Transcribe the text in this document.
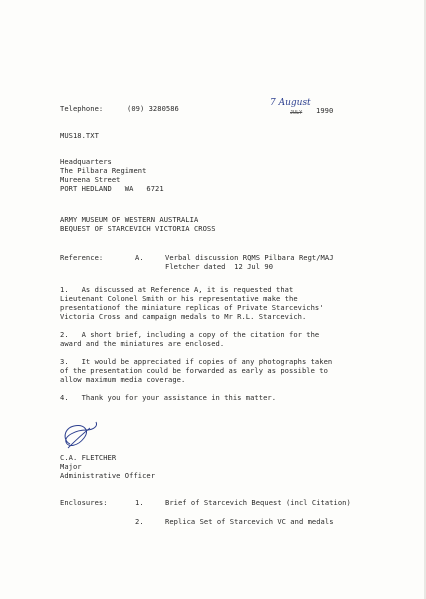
Telephone:	(09) 3280586
7 August
JULY 1990
MUS18.TXT
Headquarters
The Pilbara Regiment
Mureena Street
PORT HEDLAND   WA   6721
ARMY MUSEUM OF WESTERN AUSTRALIA
BEQUEST OF STARCEVICH VICTORIA CROSS
Reference:	A.	Verbal discussion RQMS Pilbara Regt/MAJ
Fletcher dated  12 Jul 90
1.   As discussed at Reference A, it is requested that
Lieutenant Colonel Smith or his representative make the
presentationof the miniature replicas of Private Starcevichs'
Victoria Cross and campaign medals to Mr R.L. Starcevich.
2.   A short brief, including a copy of the citation for the
award and the miniatures are enclosed.
3.   It would be appreciated if copies of any photographs taken
of the presentation could be forwarded as early as possible to
allow maximum media coverage.
4.   Thank you for your assistance in this matter.
C.A. FLETCHER
Major
Administrative Officer
Enclosures:	1.	Brief of Starcevich Bequest (incl Citation)
2.	Replica Set of Starcevich VC and medals
